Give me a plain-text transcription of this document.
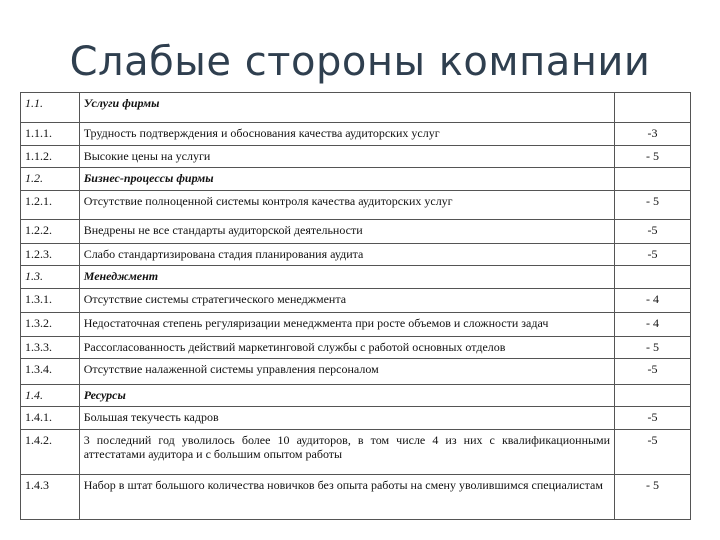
Слабые стороны компании
1.1.	Услуги фирмы	
1.1.1.	Трудность подтверждения и обоснования качества аудиторских услуг	-3
1.1.2.	Высокие цены на услуги	- 5
1.2.	Бизнес-процессы фирмы	
1.2.1.	Отсутствие полноценной системы контроля качества аудиторских услуг	- 5
1.2.2.	Внедрены не все стандарты аудиторской деятельности	-5
1.2.3.	Слабо стандартизирована стадия планирования аудита	-5
1.3.	Менеджмент	
1.3.1.	Отсутствие системы стратегического менеджмента	- 4
1.3.2.	Недостаточная степень регуляризации менеджмента при росте объемов и сложности задач	- 4
1.3.3.	Рассогласованность действий маркетинговой службы с работой основных отделов	- 5
1.3.4.	Отсутствие налаженной системы управления персоналом	-5
1.4.	Ресурсы	
1.4.1.	Большая текучесть кадров	-5
1.4.2.	3 последний год уволилось более 10 аудиторов, в том числе 4 из них с квалификационными аттестатами аудитора и с большим опытом работы	-5
1.4.3	Набор в штат большого количества новичков без опыта работы на смену уволившимся специалистам	- 5
